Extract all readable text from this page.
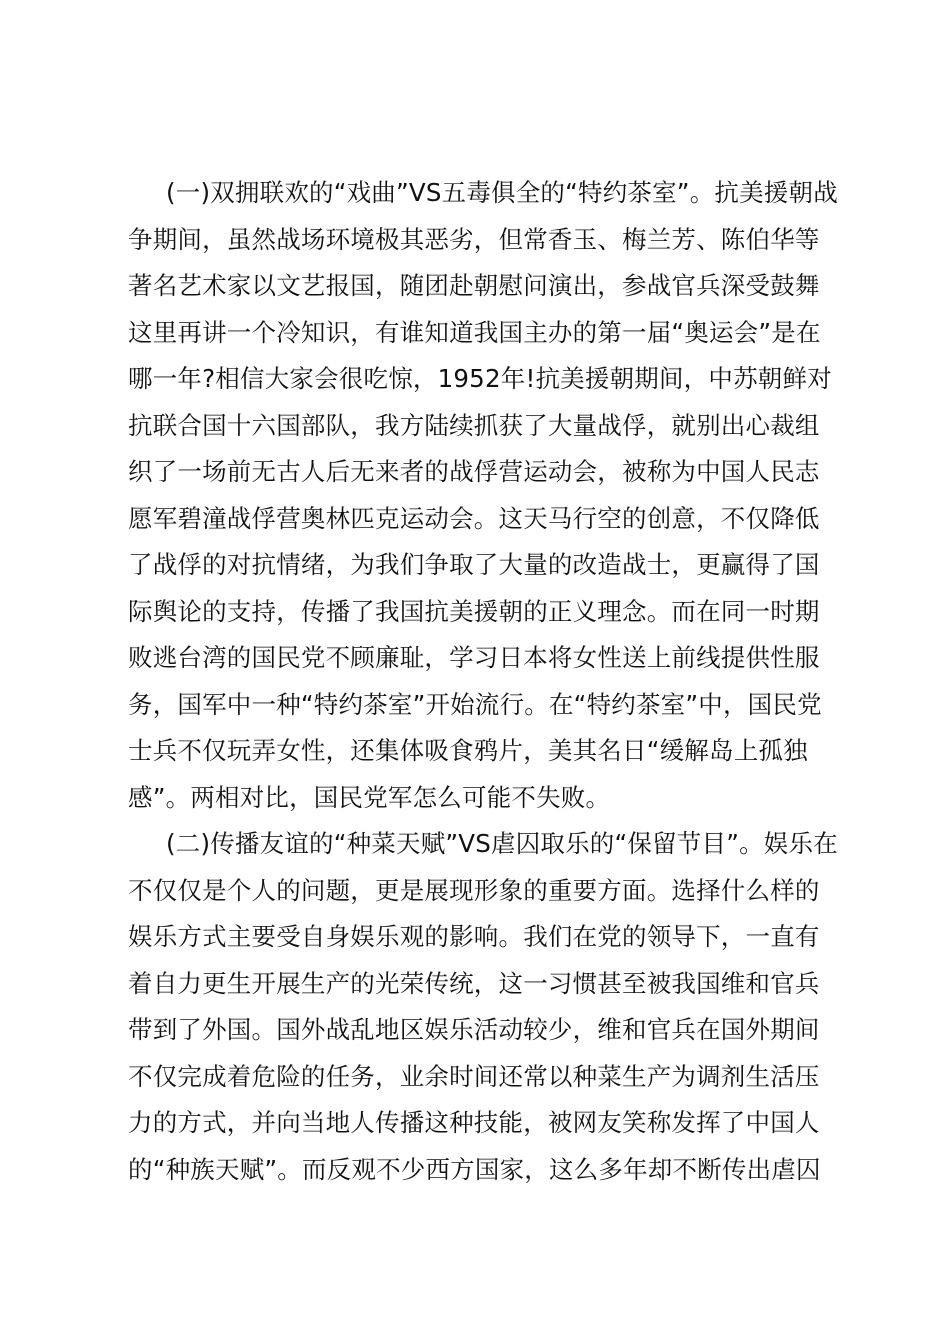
(一)双拥联欢的“戏曲”VS五毒俱全的“特约茶室”。抗美援朝战
争期间，虽然战场环境极其恶劣，但常香玉、梅兰芳、陈伯华等
著名艺术家以文艺报国，随团赴朝慰问演出，参战官兵深受鼓舞
这里再讲一个冷知识，有谁知道我国主办的第一届“奥运会”是在
哪一年?相信大家会很吃惊，1952年!抗美援朝期间，中苏朝鲜对
抗联合国十六国部队，我方陆续抓获了大量战俘，就别出心裁组
织了一场前无古人后无来者的战俘营运动会，被称为中国人民志
愿军碧潼战俘营奥林匹克运动会。这天马行空的创意，不仅降低
了战俘的对抗情绪，为我们争取了大量的改造战士，更赢得了国
际舆论的支持，传播了我国抗美援朝的正义理念。而在同一时期
败逃台湾的国民党不顾廉耻，学习日本将女性送上前线提供性服
务，国军中一种“特约茶室”开始流行。在“特约茶室”中，国民党
士兵不仅玩弄女性，还集体吸食鸦片，美其名日“缓解岛上孤独
感”。两相对比，国民党军怎么可能不失败。
(二)传播友谊的“种菜天赋”VS虐囚取乐的“保留节目”。娱乐在
不仅仅是个人的问题，更是展现形象的重要方面。选择什么样的
娱乐方式主要受自身娱乐观的影响。我们在党的领导下，一直有
着自力更生开展生产的光荣传统，这一习惯甚至被我国维和官兵
带到了外国。国外战乱地区娱乐活动较少，维和官兵在国外期间
不仅完成着危险的任务，业余时间还常以种菜生产为调剂生活压
力的方式，并向当地人传播这种技能，被网友笑称发挥了中国人
的“种族天赋”。而反观不少西方国家，这么多年却不断传出虐囚
